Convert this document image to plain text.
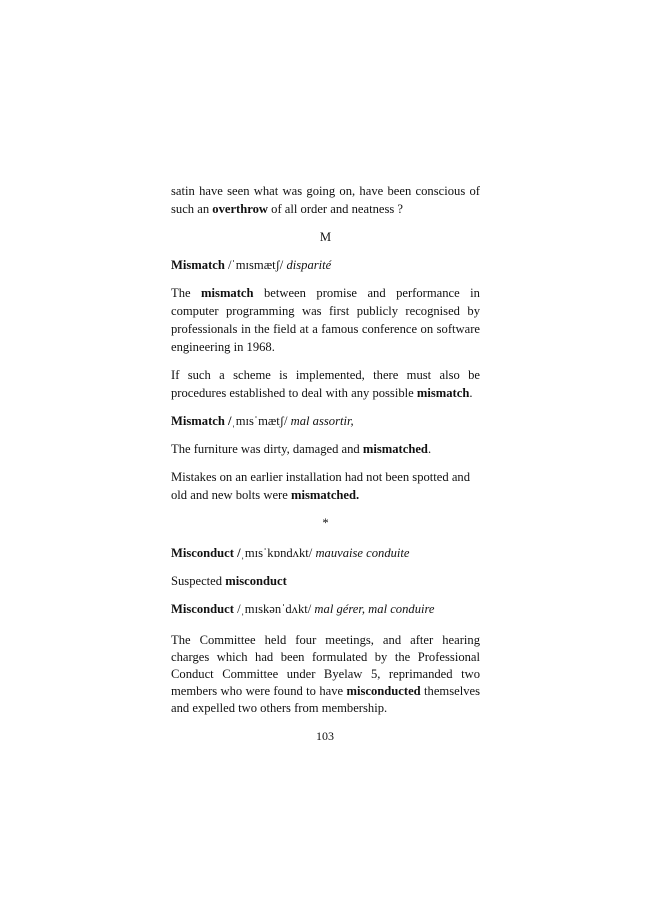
satin have seen what was going on, have been conscious of such an overthrow of all order and neatness ?

M

Mismatch /ˈmɪsmætʃ/ disparité

The mismatch between promise and performance in computer programming was first publicly recognised by professionals in the field at a famous conference on software engineering in 1968.

If such a scheme is implemented, there must also be procedures established to deal with any possible mismatch.

Mismatch /ˌmɪsˈmætʃ/ mal assortir,

The furniture was dirty, damaged and mismatched.

Mistakes on an earlier installation had not been spotted and old and new bolts were mismatched.

*

Misconduct /ˌmɪsˈkɒndʌkt/ mauvaise conduite

Suspected misconduct

Misconduct /ˌmɪskənˈdʌkt/ mal gérer, mal conduire

The Committee held four meetings, and after hearing charges which had been formulated by the Professional Conduct Committee under Byelaw 5, reprimanded two members who were found to have misconducted themselves and expelled two others from membership.

103
